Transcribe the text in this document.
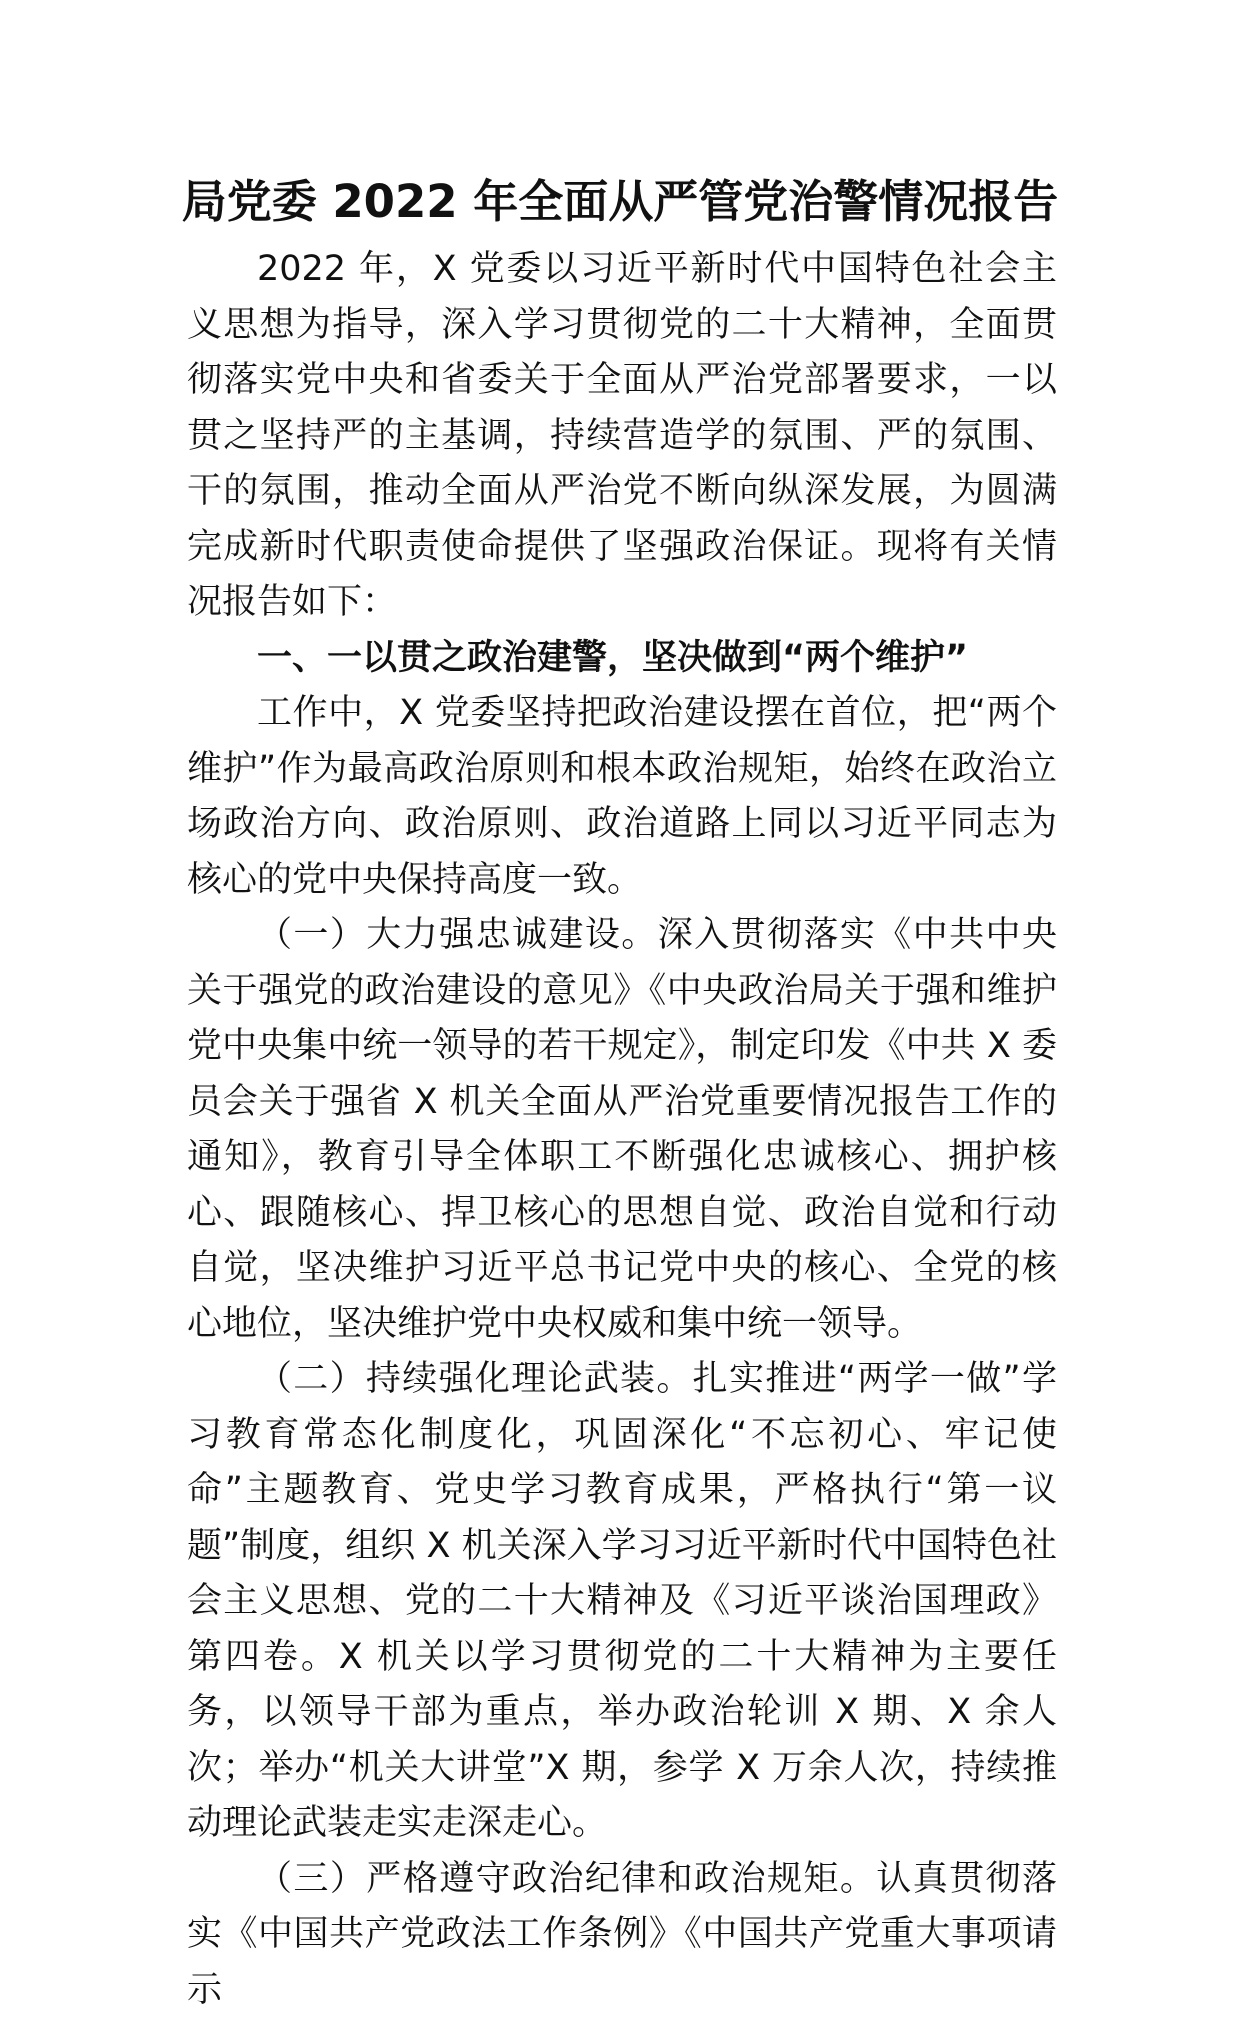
局党委 2022 年全面从严管党治警情况报告

2022 年，X 党委以习近平新时代中国特色社会主义思想为指导，深入学习贯彻党的二十大精神，全面贯彻落实党中央和省委关于全面从严治党部署要求，一以贯之坚持严的主基调，持续营造学的氛围、严的氛围、干的氛围，推动全面从严治党不断向纵深发展，为圆满完成新时代职责使命提供了坚强政治保证。现将有关情况报告如下：

一、一以贯之政治建警，坚决做到“两个维护”

工作中，X 党委坚持把政治建设摆在首位，把“两个维护”作为最高政治原则和根本政治规矩，始终在政治立场政治方向、政治原则、政治道路上同以习近平同志为核心的党中央保持高度一致。

（一）大力强忠诚建设。深入贯彻落实《中共中央关于强党的政治建设的意见》《中央政治局关于强和维护党中央集中统一领导的若干规定》，制定印发《中共 X 委员会关于强省 X 机关全面从严治党重要情况报告工作的通知》，教育引导全体职工不断强化忠诚核心、拥护核心、跟随核心、捍卫核心的思想自觉、政治自觉和行动自觉，坚决维护习近平总书记党中央的核心、全党的核心地位，坚决维护党中央权威和集中统一领导。

（二）持续强化理论武装。扎实推进“两学一做”学习教育常态化制度化，巩固深化“不忘初心、牢记使命”主题教育、党史学习教育成果，严格执行“第一议题”制度，组织 X 机关深入学习习近平新时代中国特色社会主义思想、党的二十大精神及《习近平谈治国理政》第四卷。X 机关以学习贯彻党的二十大精神为主要任务，以领导干部为重点，举办政治轮训 X 期、X 余人次；举办“机关大讲堂”X 期，参学 X 万余人次，持续推动理论武装走实走深走心。

（三）严格遵守政治纪律和政治规矩。认真贯彻落实《中国共产党政法工作条例》《中国共产党重大事项请示
